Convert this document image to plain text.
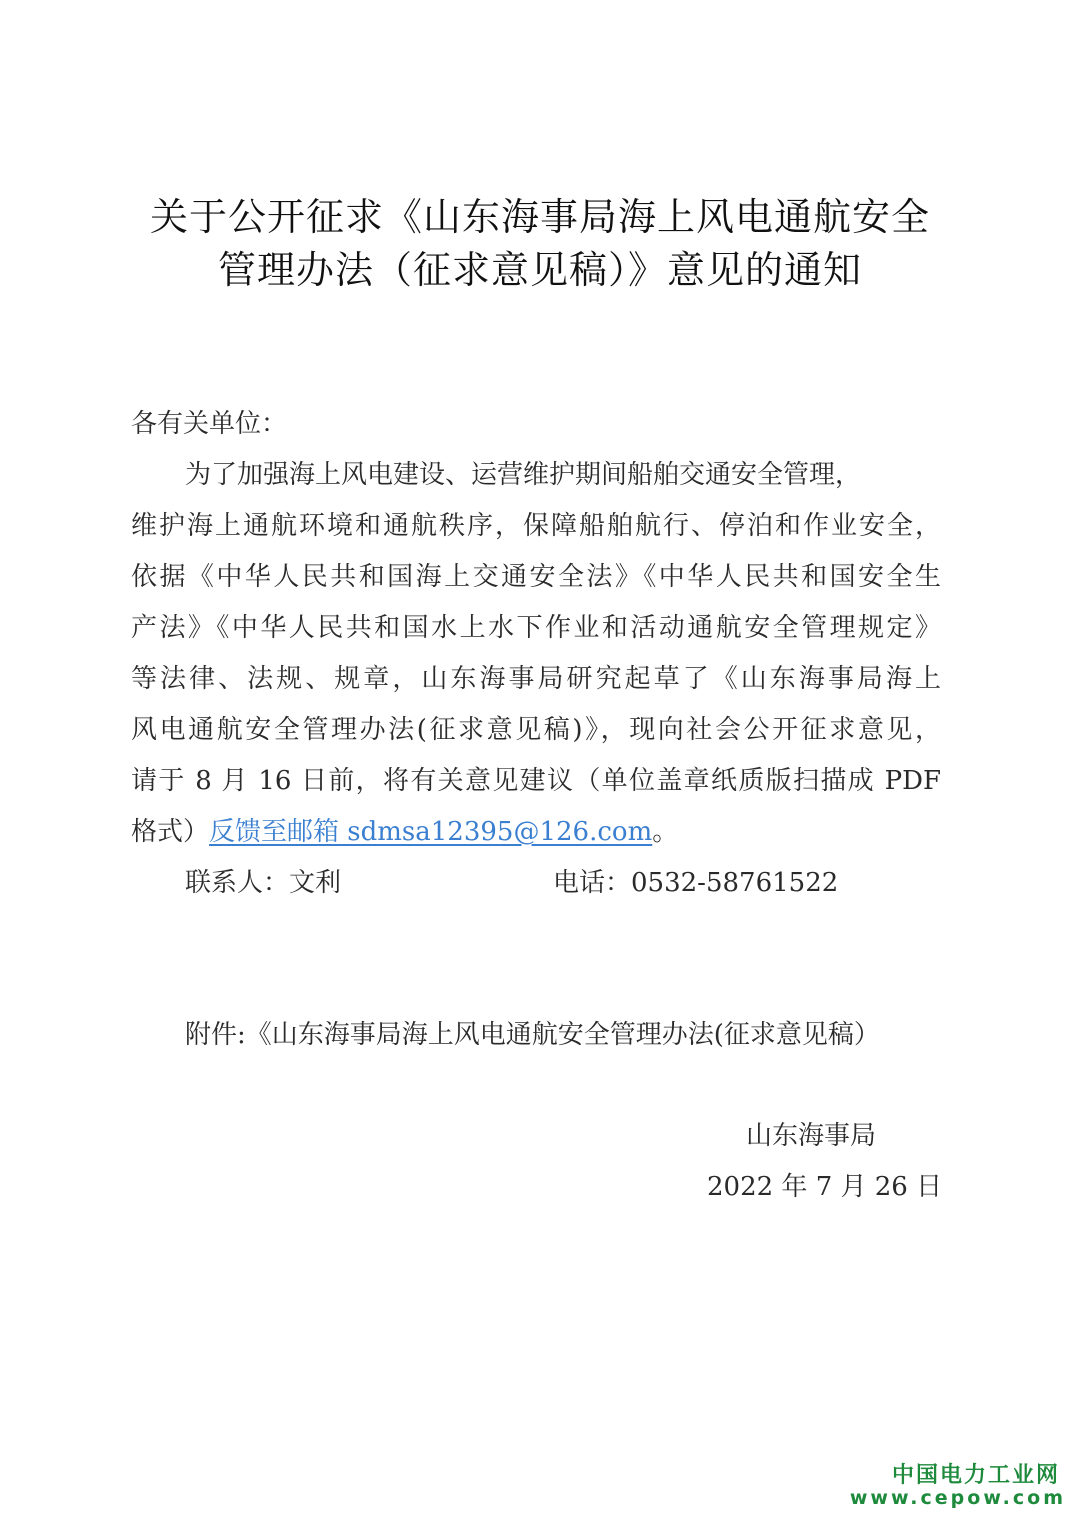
关于公开征求《山东海事局海上风电通航安全
管理办法（征求意见稿）》意见的通知
各有关单位：
为了加强海上风电建设、运营维护期间船舶交通安全管理，
维护海上通航环境和通航秩序，保障船舶航行、停泊和作业安全，
依据《中华人民共和国海上交通安全法》《中华人民共和国安全生
产法》《中华人民共和国水上水下作业和活动通航安全管理规定》
等法律、法规、规章，山东海事局研究起草了《山东海事局海上
风电通航安全管理办法(征求意见稿)》，现向社会公开征求意见，
请于 8 月 16 日前，将有关意见建议（单位盖章纸质版扫描成 PDF
格式）反馈至邮箱 sdmsa12395@126.com。
联系人：文利	电话：0532-58761522
附件:《山东海事局海上风电通航安全管理办法(征求意见稿）
山东海事局
2022 年 7 月 26 日
中国电力工业网
www.cepow.com
